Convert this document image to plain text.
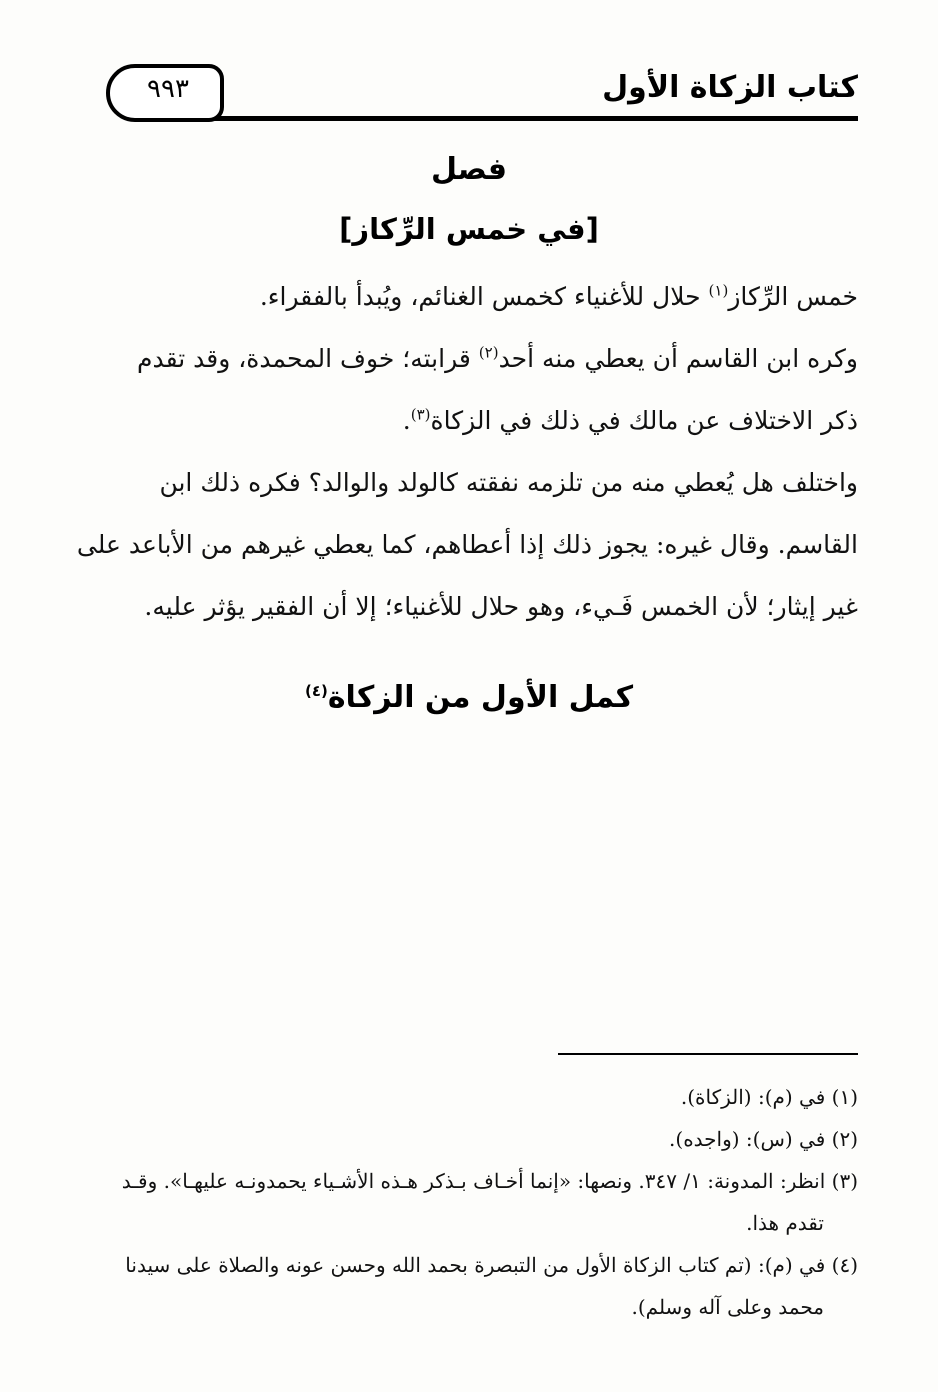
كتاب الزكاة الأول
٩٩٣
فصل
[في خمس الرِّكاز]
خمس الرِّكاز$^{(١)}$ حلال للأغنياء كخمس الغنائم، ويُبدأ بالفقراء.
وكره ابن القاسم أن يعطي منه أحد$^{(٢)}$ قرابته؛ خوف المحمدة، وقد تقدم
ذكر الاختلاف عن مالك في ذلك في الزكاة$^{(٣)}$.
واختلف هل يُعطي منه من تلزمه نفقته كالولد والوالد؟ فكره ذلك ابن
القاسم. وقال غيره: يجوز ذلك إذا أعطاهم، كما يعطي غيرهم من الأباعد على
غير إيثار؛ لأن الخمس فَـيء، وهو حلال للأغنياء؛ إلا أن الفقير يؤثر عليه.
كمل الأول من الزكاة$^{(٤)}$
(١) في (م): (الزكاة).
(٢) في (س): (واجده).
(٣) انظر: المدونة: ١/ ٣٤٧. ونصها: «إنما أخـاف بـذكر هـذه الأشـياء يحمدونـه عليهـا». وقـد
تقدم هذا.
(٤) في (م): (تم كتاب الزكاة الأول من التبصرة بحمد الله وحسن عونه والصلاة على سيدنا
محمد وعلى آله وسلم).
